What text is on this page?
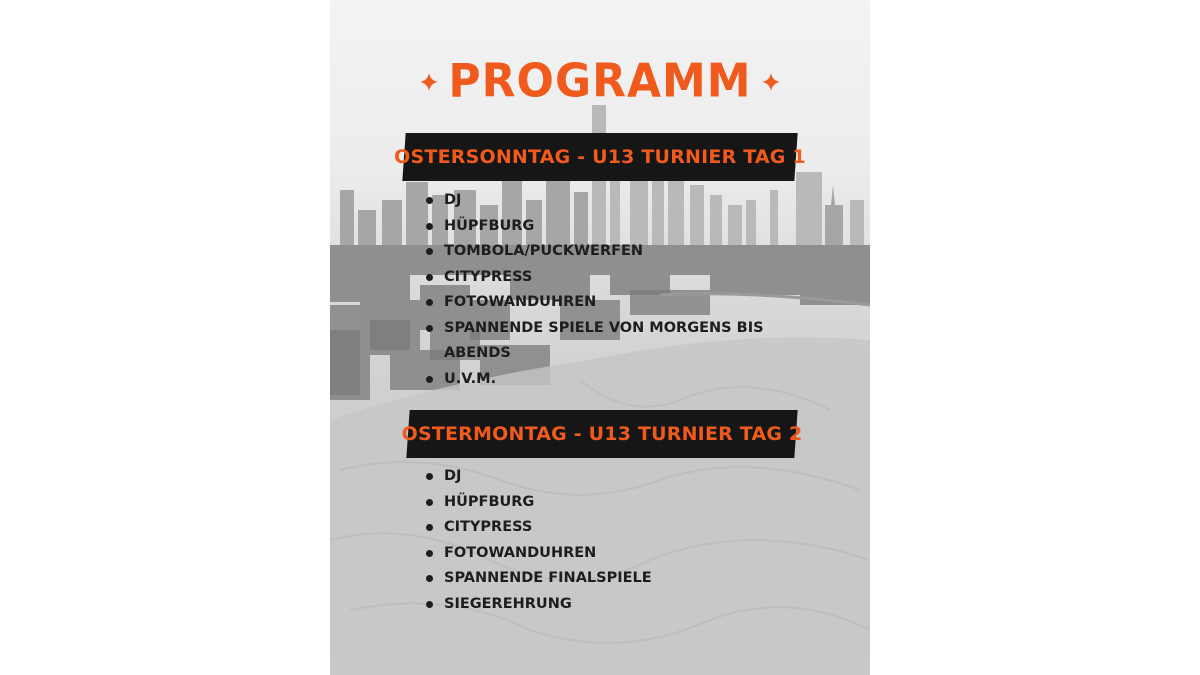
PROGRAMM
OSTERSONNTAG - U13 TURNIER TAG 1
DJ
HÜPFBURG
TOMBOLA/PUCKWERFEN
CITYPRESS
FOTOWANDUHREN
SPANNENDE SPIELE VON MORGENS BIS ABENDS
U.V.M.
OSTERMONTAG - U13 TURNIER TAG 2
DJ
HÜPFBURG
CITYPRESS
FOTOWANDUHREN
SPANNENDE FINALSPIELE
SIEGEREHRUNG
